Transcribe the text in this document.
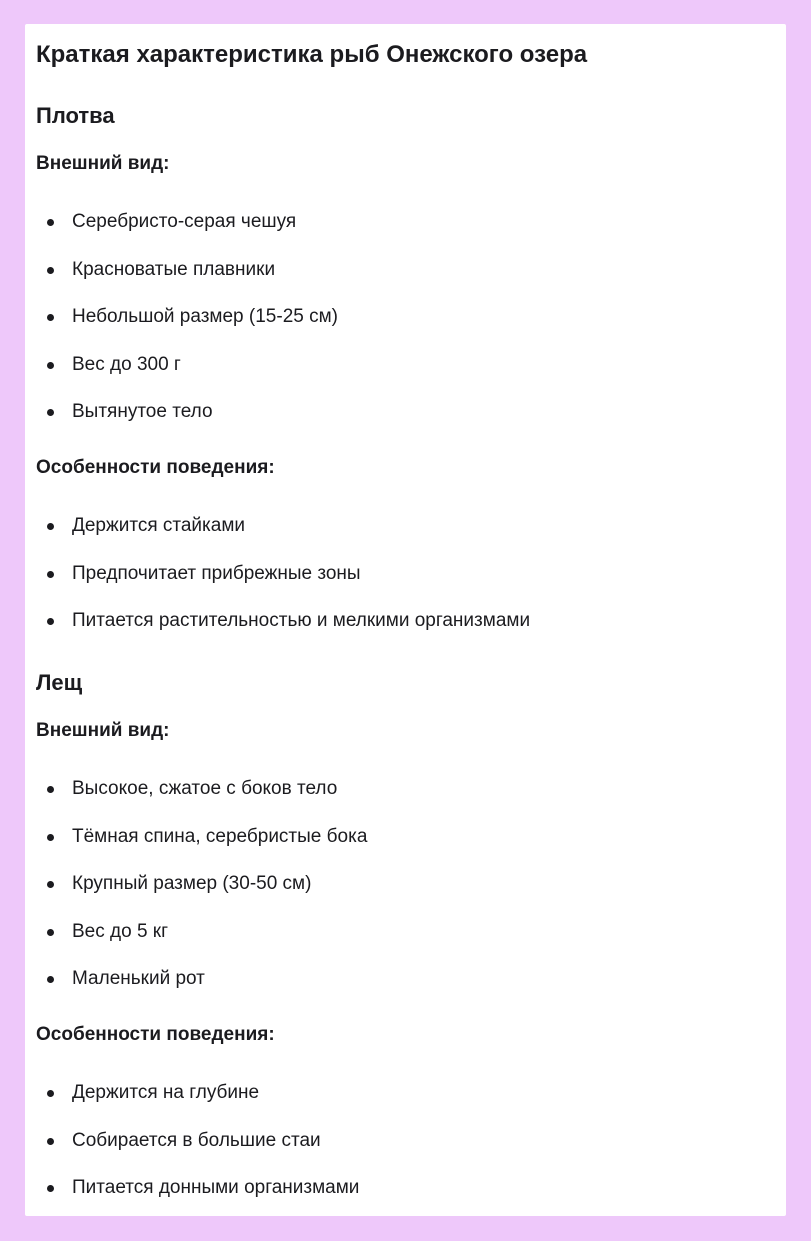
Краткая характеристика рыб Онежского озера
Плотва
Внешний вид:
Серебристо-серая чешуя
Красноватые плавники
Небольшой размер (15-25 см)
Вес до 300 г
Вытянутое тело
Особенности поведения:
Держится стайками
Предпочитает прибрежные зоны
Питается растительностью и мелкими организмами
Лещ
Внешний вид:
Высокое, сжатое с боков тело
Тёмная спина, серебристые бока
Крупный размер (30-50 см)
Вес до 5 кг
Маленький рот
Особенности поведения:
Держится на глубине
Собирается в большие стаи
Питается донными организмами
